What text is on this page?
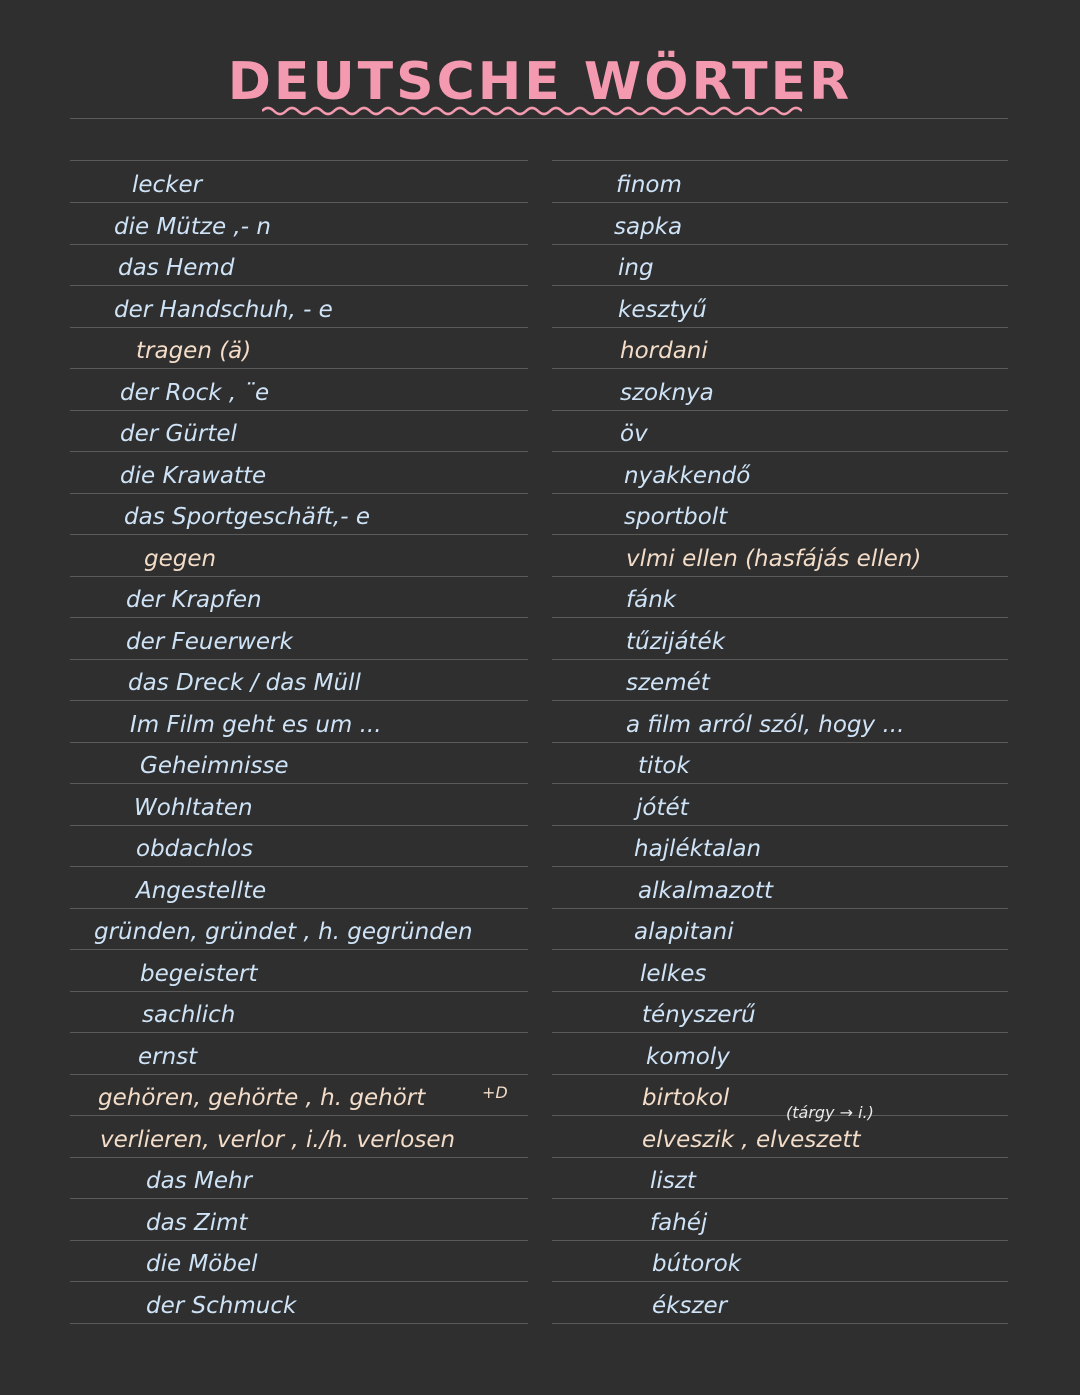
DEUTSCHE WÖRTER
lecker	finom
die Mütze ,- n	sapka
das Hemd	ing
der Handschuh, - e	kesztyű
tragen (ä)	hordani
der Rock , ¨e	szoknya
der Gürtel	öv
die Krawatte	nyakkendő
das Sportgeschäft,- e	sportbolt
gegen	vlmi ellen (hasfájás ellen)
der Krapfen	fánk
der Feuerwerk	tűzijáték
das Dreck / das Müll	szemét
Im Film geht es um ...	a film arról szól, hogy ...
Geheimnisse	titok
Wohltaten	jótét
obdachlos	hajléktalan
Angestellte	alkalmazott
gründen, gründet , h. gegründen	alapitani
begeistert	lelkes
sachlich	tényszerű
ernst	komoly
gehören, gehörte , h. gehört	birtokol
verlieren, verlor , i./h. verlosen	elveszik , elveszett
das Mehr	liszt
das Zimt	fahéj
die Möbel	bútorok
der Schmuck	ékszer
+D
(tárgy → i.)
